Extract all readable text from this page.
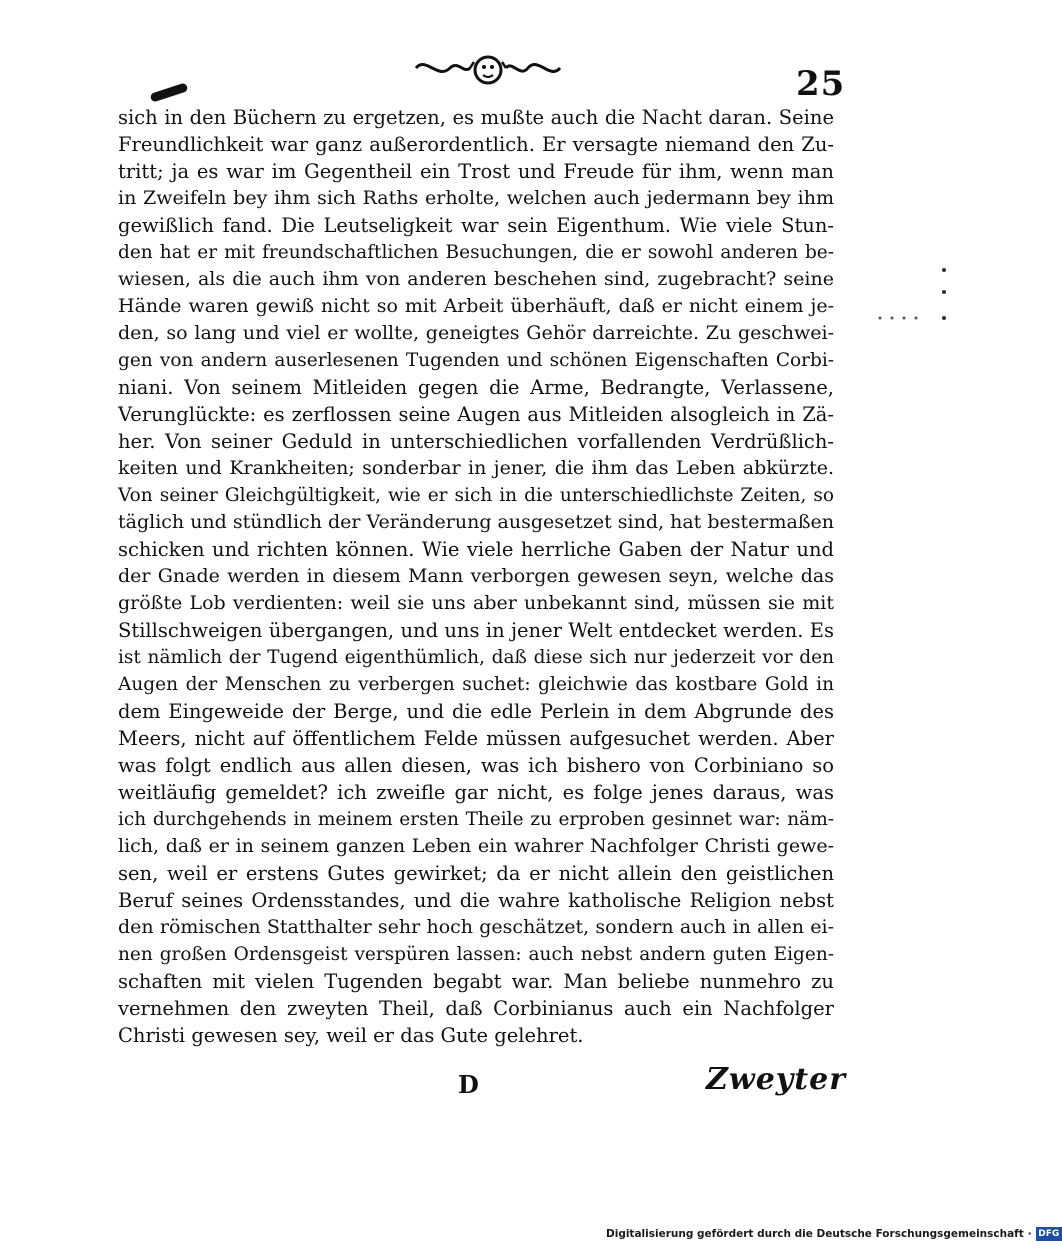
25
sich in den Büchern zu ergetzen, es mußte auch die Nacht daran. Seine
Freundlichkeit war ganz außerordentlich. Er versagte niemand den Zu-
tritt; ja es war im Gegentheil ein Trost und Freude für ihm, wenn man
in Zweifeln bey ihm sich Raths erholte, welchen auch jedermann bey ihm
gewißlich fand. Die Leutseligkeit war sein Eigenthum. Wie viele Stun-
den hat er mit freundschaftlichen Besuchungen, die er sowohl anderen be-
wiesen, als die auch ihm von anderen beschehen sind, zugebracht? seine
Hände waren gewiß nicht so mit Arbeit überhäuft, daß er nicht einem je-
den, so lang und viel er wollte, geneigtes Gehör darreichte. Zu geschwei-
gen von andern auserlesenen Tugenden und schönen Eigenschaften Corbi-
niani. Von seinem Mitleiden gegen die Arme, Bedrangte, Verlassene,
Verunglückte: es zerflossen seine Augen aus Mitleiden alsogleich in Zä-
her. Von seiner Geduld in unterschiedlichen vorfallenden Verdrüßlich-
keiten und Krankheiten; sonderbar in jener, die ihm das Leben abkürzte.
Von seiner Gleichgültigkeit, wie er sich in die unterschiedlichste Zeiten, so
täglich und stündlich der Veränderung ausgesetzet sind, hat bestermaßen
schicken und richten können. Wie viele herrliche Gaben der Natur und
der Gnade werden in diesem Mann verborgen gewesen seyn, welche das
größte Lob verdienten: weil sie uns aber unbekannt sind, müssen sie mit
Stillschweigen übergangen, und uns in jener Welt entdecket werden. Es
ist nämlich der Tugend eigenthümlich, daß diese sich nur jederzeit vor den
Augen der Menschen zu verbergen suchet: gleichwie das kostbare Gold in
dem Eingeweide der Berge, und die edle Perlein in dem Abgrunde des
Meers, nicht auf öffentlichem Felde müssen aufgesuchet werden. Aber
was folgt endlich aus allen diesen, was ich bishero von Corbiniano so
weitläufig gemeldet? ich zweifle gar nicht, es folge jenes daraus, was
ich durchgehends in meinem ersten Theile zu erproben gesinnet war: näm-
lich, daß er in seinem ganzen Leben ein wahrer Nachfolger Christi gewe-
sen, weil er erstens Gutes gewirket; da er nicht allein den geistlichen
Beruf seines Ordensstandes, und die wahre katholische Religion nebst
den römischen Statthalter sehr hoch geschätzet, sondern auch in allen ei-
nen großen Ordensgeist verspüren lassen: auch nebst andern guten Eigen-
schaften mit vielen Tugenden begabt war. Man beliebe nunmehro zu
vernehmen den zweyten Theil, daß Corbinianus auch ein Nachfolger
Christi gewesen sey, weil er das Gute gelehret.
D	Zweyter
Digitalisierung gefördert durch die Deutsche Forschungsgemeinschaft · DFG
